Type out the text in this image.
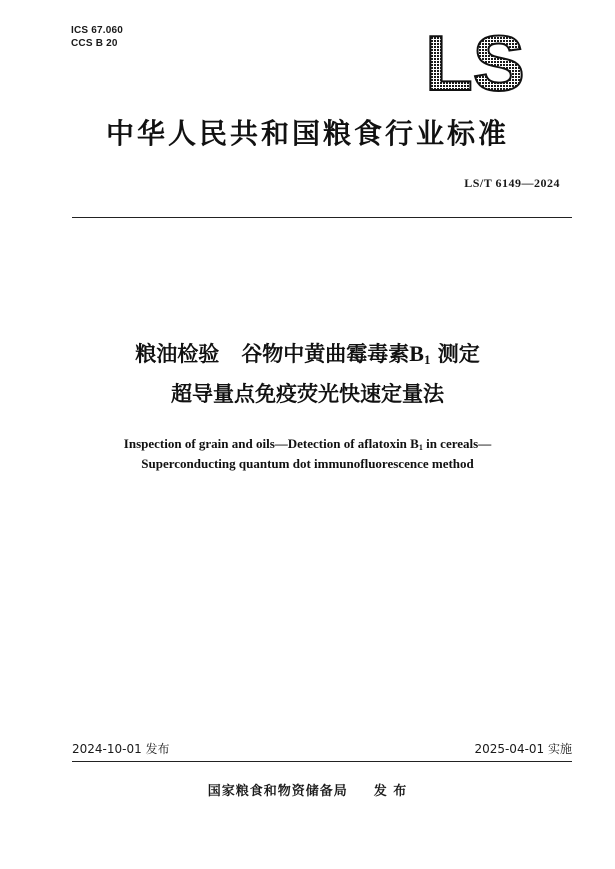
ICS 67.060
CCS B 20	LS
中华人民共和国粮食行业标准
LS/T 6149—2024
粮油检验 谷物中黄曲霉毒素$B_1$ 测定
超导量点免疫荧光快速定量法
Inspection of grain and oils—Detection of aflatoxin $B_1$ in cereals—
Superconducting quantum dot immunofluorescence method
2024-10-01 发布	2025-04-01 实施
国家粮食和物资储备局 发 布
